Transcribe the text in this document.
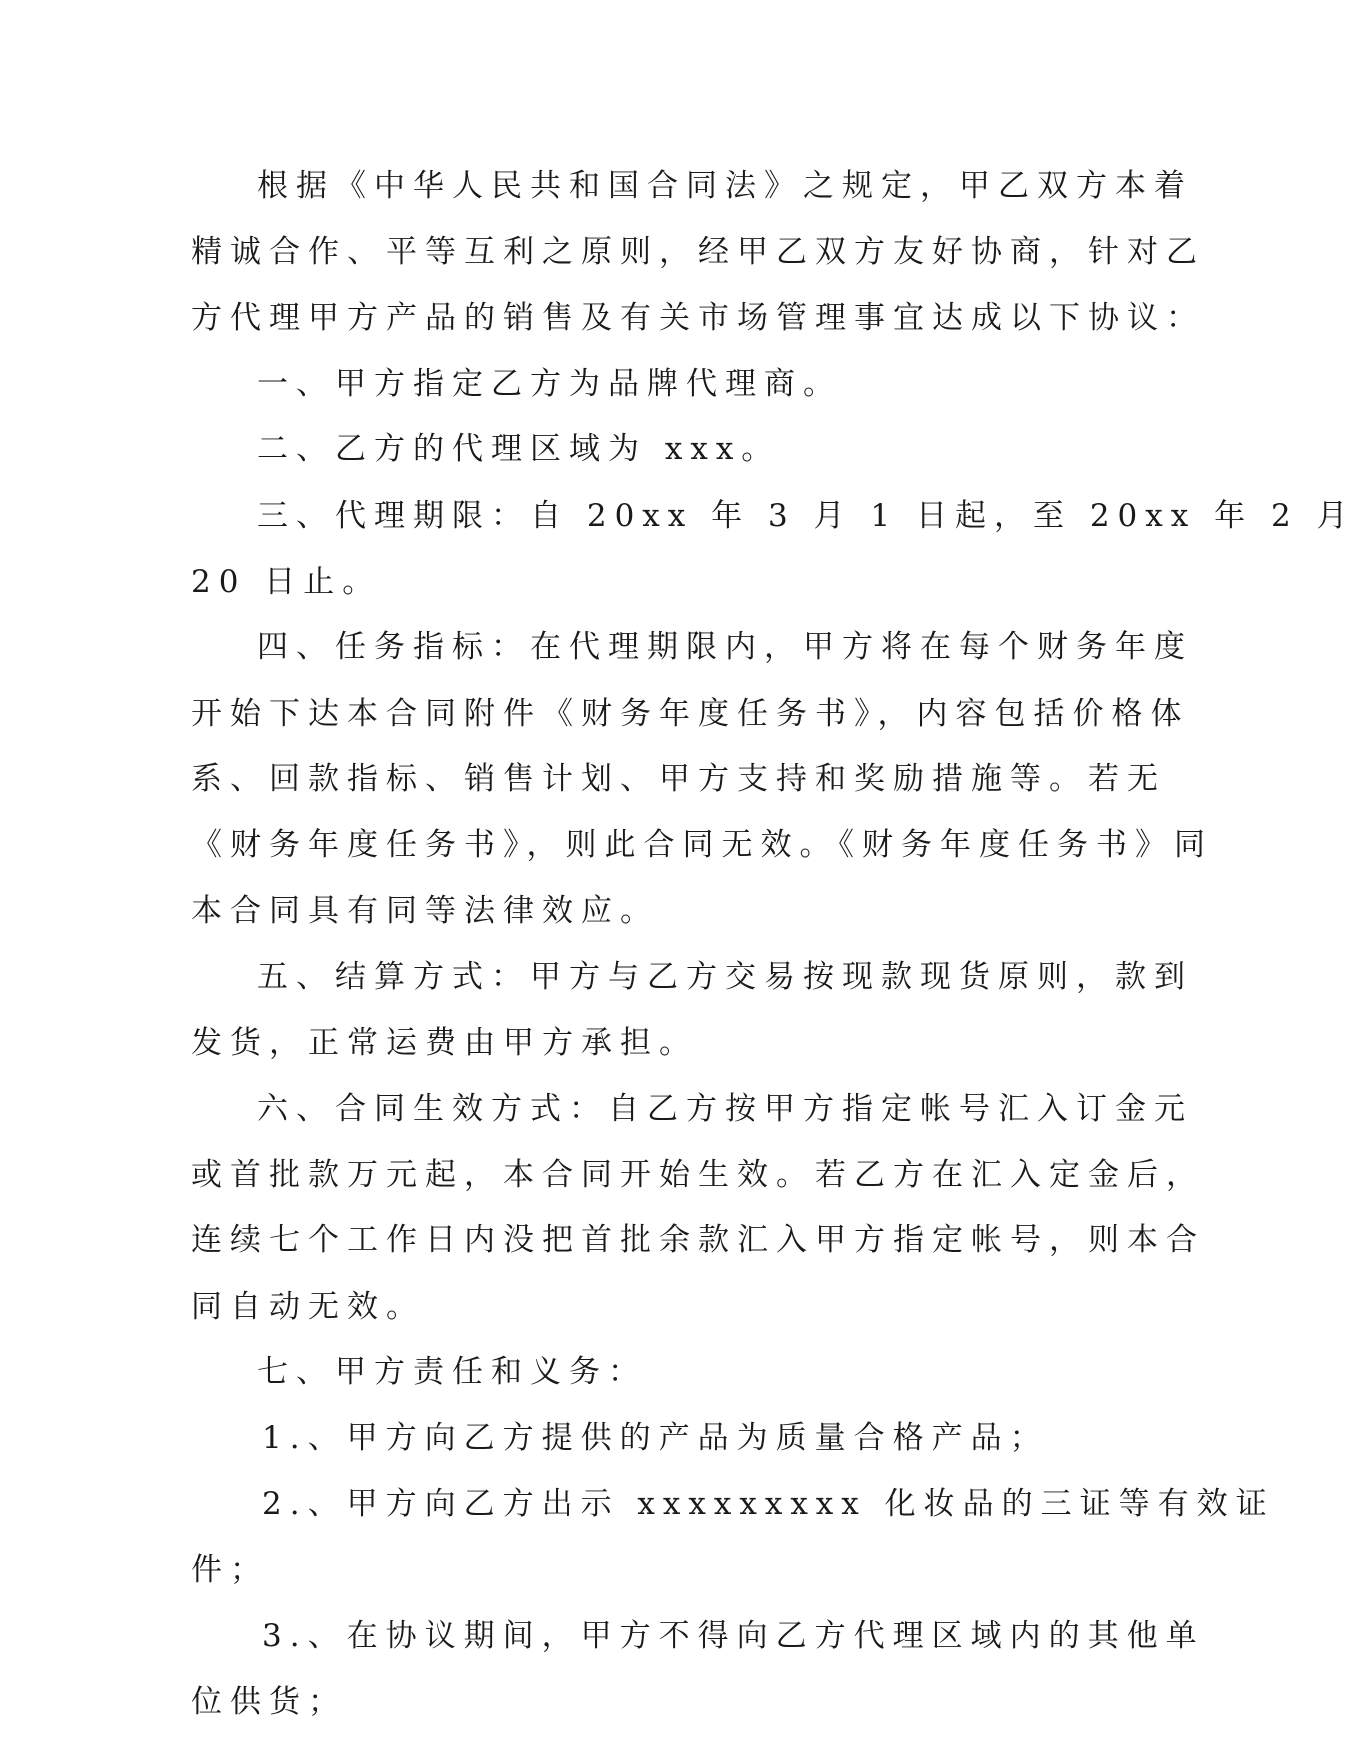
根据《中华人民共和国合同法》之规定，甲乙双方本着
精诚合作、平等互利之原则，经甲乙双方友好协商，针对乙
方代理甲方产品的销售及有关市场管理事宜达成以下协议：
一、甲方指定乙方为品牌代理商。
二、乙方的代理区域为 xxx。
三、代理期限：自 20xx 年 3 月 1 日起，至 20xx 年 2 月
20 日止。
四、任务指标：在代理期限内，甲方将在每个财务年度
开始下达本合同附件《财务年度任务书》，内容包括价格体
系、回款指标、销售计划、甲方支持和奖励措施等。若无
《财务年度任务书》，则此合同无效。《财务年度任务书》同
本合同具有同等法律效应。
五、结算方式：甲方与乙方交易按现款现货原则，款到
发货，正常运费由甲方承担。
六、合同生效方式：自乙方按甲方指定帐号汇入订金元
或首批款万元起，本合同开始生效。若乙方在汇入定金后，
连续七个工作日内没把首批余款汇入甲方指定帐号，则本合
同自动无效。
七、甲方责任和义务：
1.、甲方向乙方提供的产品为质量合格产品；
2.、甲方向乙方出示 xxxxxxxxx 化妆品的三证等有效证
件；
3.、在协议期间，甲方不得向乙方代理区域内的其他单
位供货；
